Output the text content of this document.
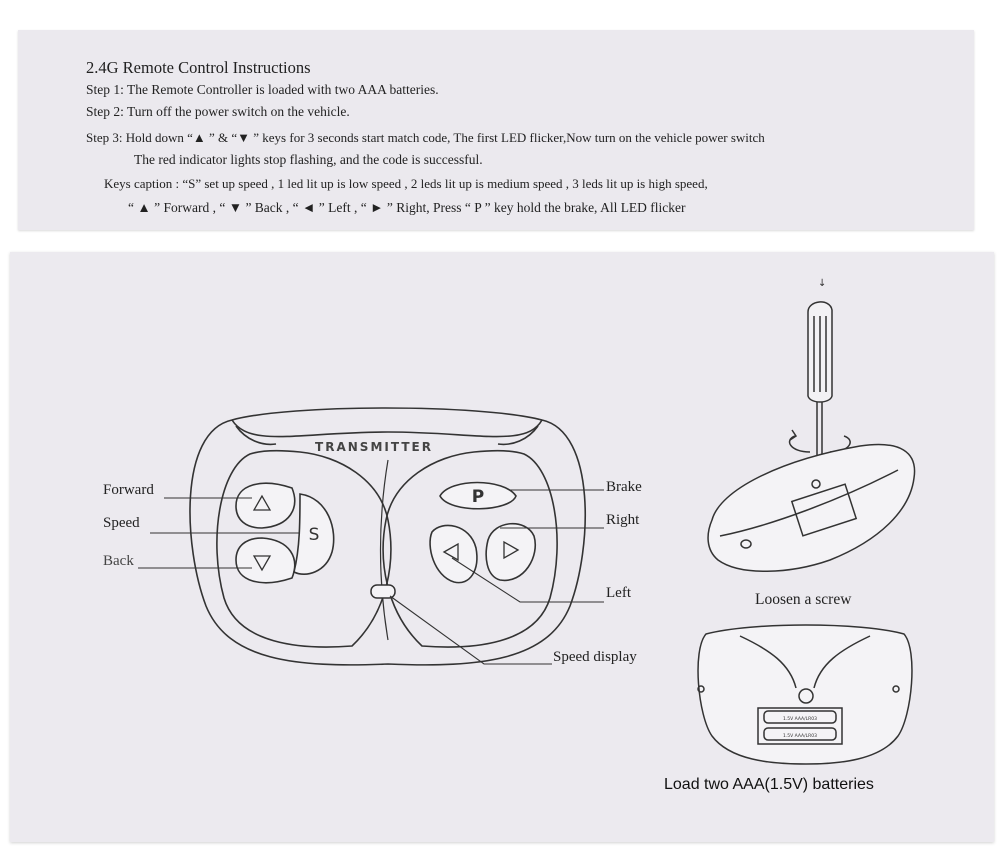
2.4G Remote Control Instructions
Step 1: The Remote Controller is loaded with two AAA batteries.
Step 2: Turn off the power switch on the vehicle.
Step 3: Hold down “▲ ” & “▼ ” keys for 3 seconds start match code, The first LED flicker,Now turn on the vehicle power switch
The red indicator lights stop flashing, and the code is successful.
Keys caption : “S” set up speed , 1 led lit up is low speed , 2 leds lit up is medium speed , 3 leds lit up is high speed,
“ ▲ ” Forward , “ ▼ ” Back , “ ◄ ” Left , “ ► ” Right, Press “ P ” key hold the brake, All LED flicker
TRANSMITTER
S
P
↓
1.5V AAA/LR03
1.5V AAA/LR03
Forward
Speed
Back
Brake
Right
Left
Speed display
Loosen a screw
Load two AAA(1.5V) batteries
